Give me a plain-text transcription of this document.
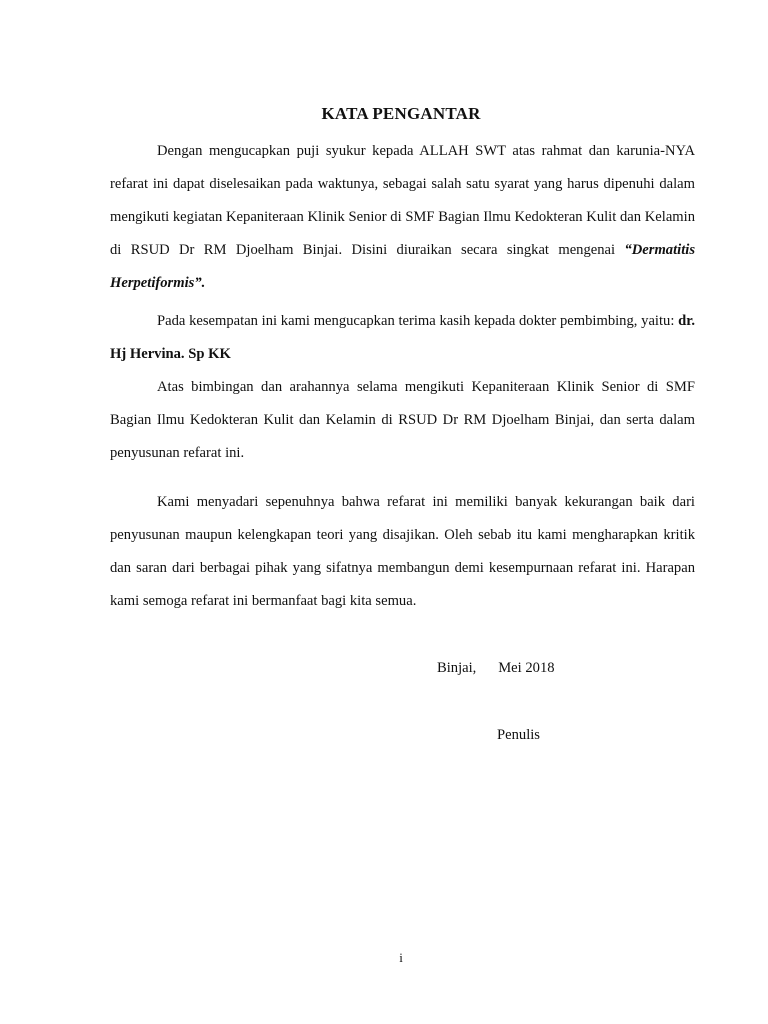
KATA PENGANTAR

Dengan mengucapkan puji syukur kepada ALLAH SWT atas rahmat dan karunia-NYA refarat ini dapat diselesaikan pada waktunya, sebagai salah satu syarat yang harus dipenuhi dalam mengikuti kegiatan Kepaniteraan Klinik Senior di SMF Bagian Ilmu Kedokteran Kulit dan Kelamin di RSUD Dr RM Djoelham Binjai. Disini diuraikan secara singkat mengenai “Dermatitis Herpetiformis”.

Pada kesempatan ini kami mengucapkan terima kasih kepada dokter pembimbing, yaitu: dr. Hj Hervina. Sp KK

Atas bimbingan dan arahannya selama mengikuti Kepaniteraan Klinik Senior di SMF Bagian Ilmu Kedokteran Kulit dan Kelamin di RSUD Dr RM Djoelham Binjai, dan serta dalam penyusunan refarat ini.

Kami menyadari sepenuhnya bahwa refarat ini memiliki banyak kekurangan baik dari penyusunan maupun kelengkapan teori yang disajikan. Oleh sebab itu kami mengharapkan kritik dan saran dari berbagai pihak yang sifatnya membangun demi kesempurnaan refarat ini. Harapan kami semoga refarat ini bermanfaat bagi kita semua.

Binjai,      Mei 2018
Penulis
i
